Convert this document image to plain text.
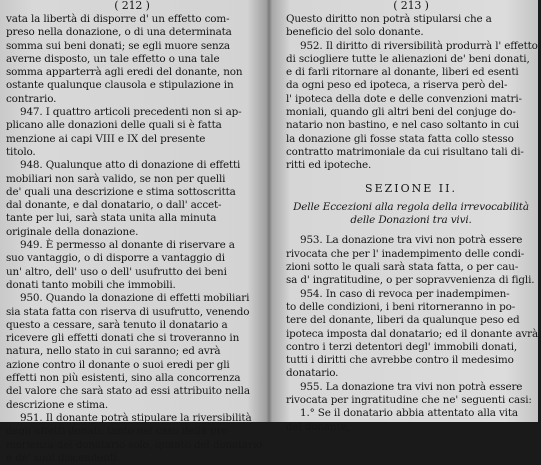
( 212 )
vata la libertà di disporre d' un effetto com-
preso nella donazione, o di una determinata
somma sui beni donati; se egli muore senza
averne disposto, un tale effetto o una tale
somma apparterrà agli eredi del donante, non
ostante qualunque clausola e stipulazione in
contrario.
947. I quattro articoli precedenti non si ap-
plicano alle donazioni delle quali si è fatta
menzione ai capi VIII e IX del presente
titolo.
948. Qualunque atto di donazione di effetti
mobiliari non sarà valido, se non per quelli
de' quali una descrizione e stima sottoscritta
dal donante, e dal donatario, o dall' accet-
tante per lui, sarà stata unita alla minuta
originale della donazione.
949. È permesso al donante di riservare a
suo vantaggio, o di disporre a vantaggio di
un' altro, dell' uso o dell' usufrutto dei beni
donati tanto mobili che immobili.
950. Quando la donazione di effetti mobiliari
sia stata fatta con riserva di usufrutto, venendo
questo a cessare, sarà tenuto il donatario a
ricevere gli effetti donati che si troveranno in
natura, nello stato in cui saranno; ed avrà
azione contro il donante o suoi eredi per gli
effetti non più esistenti, sino alla concorrenza
del valore che sarà stato ad essi attribuito nella
descrizione e stima.
951. Il donante potrà stipulare la riversibilità
degli effetti donati, tanto nel caso della pre-
morienza del donatario solo, quanto del donatario
e de' suoi discendenti.
( 213 )
Questo diritto non potrà stipularsi che a
beneficio del solo donante.
952. Il diritto di riversibilità produrrà l' effetto
di sciogliere tutte le alienazioni de' beni donati,
e di farli ritornare al donante, liberi ed esenti
da ogni peso ed ipoteca, a riserva però del-
l' ipoteca della dote e delle convenzioni matri-
moniali, quando gli altri beni del conjuge do-
natario non bastino, e nel caso soltanto in cui
la donazione gli fosse stata fatta collo stesso
contratto matrimoniale da cui risultano tali di-
ritti ed ipoteche.
SEZIONE II.
Delle Eccezioni alla regola della irrevocabilità
delle Donazioni tra vivi.
953. La donazione tra vivi non potrà essere
rivocata che per l' inadempimento delle condi-
zioni sotto le quali sarà stata fatta, o per cau-
sa d' ingratitudine, o per sopravvenienza di figli.
954. In caso di revoca per inadempimen-
to delle condizioni, i beni ritorneranno in po-
tere del donante, liberi da qualunque peso ed
ipoteca imposta dal donatario; ed il donante avrà,
contro i terzi detentori degl' immobili donati,
tutti i diritti che avrebbe contro il medesimo
donatario.
955. La donazione tra vivi non potrà essere
rivocata per ingratitudine che ne' seguenti casi:
1.° Se il donatario abbia attentato alla vita
del donante;
